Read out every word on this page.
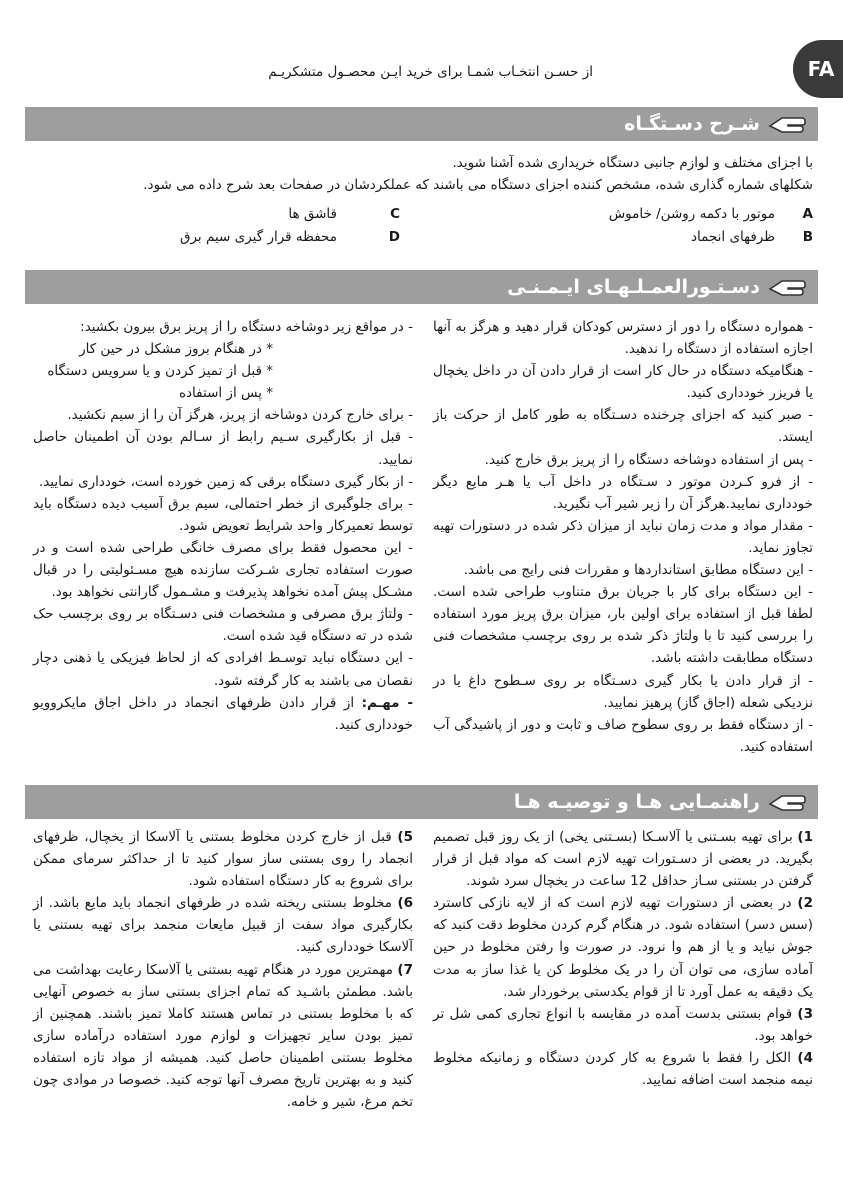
FA
از حسـن انتخـاب شمـا برای خرید ایـن محصـول متشکریـم
شـرح دسـتگـاه
با اجزای مختلف و لوازم جانبی دستگاه خریداری شده آشنا شوید.
شکلهای شماره گذاری شده، مشخص کننده اجزای دستگاه می باشند که عملکردشان در صفحات بعد شرح داده می شود.
A
موتور با دکمه روشن/ خاموش
C
قاشق ها
B
ظرفهای انجماد
D
محفظه قرار گیری سیم برق
دسـتـورالعمـلـهـای ایـمـنـی
- همواره دستگاه را دور از دسترس کودکان قرار دهید و هرگز به آنها اجازه استفاده از دستگاه را ندهید.
- هنگامیکه دستگاه در حال کار است از قرار دادن آن در داخل یخچال یا فریزر خودداری کنید.
- صبر کنید که اجزای چرخنده دسـتگاه به طور کامل از حرکت باز ایستد.
- پس از استفاده دوشاخه دستگاه را از پریز برق خارج کنید.
- از فرو کـردن موتور د سـتگاه در داخل آب یا هـر مایع دیگر خودداری نمایید.هرگز آن را زیر شیر آب نگیرید.
- مقدار مواد و مدت زمان نباید از میزان ذکر شده در دستورات تهیه تجاوز نماید.
- این دستگاه مطابق استانداردها و مقررات فنی رایج می باشد.
- این دستگاه برای کار با جریان برق متناوب طراحی شده است. لطفا قبل از استفاده برای اولین بار، میزان برق پریز مورد استفاده را بررسی کنید تا با ولتاژ ذکر شده بر روی برچسب مشخصات فنی دستگاه مطابقت داشته باشد.
- از قرار دادن یا بکار گیری دسـتگاه بر روی سـطوح داغ یا در نزدیکی شعله (اجاق گاز) پرهیز نمایید.
- از دستگاه فقط بر روی سطوح صاف و ثابت و دور از پاشیدگی آب استفاده کنید.
- در مواقع زیر دوشاخه دستگاه را از پریز برق بیرون بکشید:
* در هنگام بروز مشکل در حین کار
* قبل از تمیز کردن و یا سرویس دستگاه
* پس از استفاده
- برای خارج کردن دوشاخه از پریز، هرگز آن را از سیم نکشید.
- قبل از بکارگیری سـیم رابط از سـالم بودن آن اطمینان حاصل نمایید.
- از بکار گیری دستگاه برقی که زمین خورده است، خودداری نمایید.
- برای جلوگیری از خطر احتمالی، سیم برق آسیب دیده دستگاه باید توسط تعمیرکار واحد شرایط تعویض شود.
- این محصول فقط برای مصرف خانگی طراحی شده است و در صورت استفاده تجاری شـرکت سازنده هیچ مسـئولیتی را در قبال مشـکل پیش آمده نخواهد پذیرفت و مشـمول گارانتی نخواهد بود.
- ولتاژ برق مصرفی و مشخصات فنی دسـتگاه بر روی برچسب حک شده در ته دستگاه قید شده است.
- این دستگاه نباید توسـط افرادی که از لحاظ فیزیکی یا ذهنی دچار نقصان می باشند به کار گرفته شود.
- مهـم: از قرار دادن ظرفهای انجماد در داخل اجاق مایکروویو خودداری کنید.
راهنمـایی هـا و توصیـه هـا
1) برای تهیه بسـتنی یا آلاسـکا (بسـتنی یخی) از یک روز قبل تصمیم بگیرید. در بعضی از دسـتورات تهیه لازم است که مواد قبل از قرار گرفتن در بستنی سـاز حداقل 12 ساعت در یخچال سرد شوند.
2) در بعضی از دستورات تهیه لازم است که از لایه نازکی کاسترد (سس دسر) استفاده شود. در هنگام گرم کردن مخلوط دقت کنید که جوش نیاید و یا از هم وا نرود. در صورت وا رفتن مخلوط در حین آماده سازی، می توان آن را در یک مخلوط کن یا غذا ساز به مدت یک دقیقه به عمل آورد تا از قوام یکدستی برخوردار شد.
3) قوام بستنی بدست آمده در مقایسه با انواع تجاری کمی شل تر خواهد بود.
4) الکل را فقط با شروع به کار کردن دستگاه و زمانیکه مخلوط نیمه منجمد است اضافه نمایید.
5) قبل از خارج کردن مخلوط بستنی یا آلاسکا از یخچال، ظرفهای انجماد را روی بستنی ساز سوار کنید تا از حداکثر سرمای ممکن برای شروع به کار دستگاه استفاده شود.
6) مخلوط بستنی ریخته شده در ظرفهای انجماد باید مایع باشد. از بکارگیری مواد سفت از قبیل مایعات منجمد برای تهیه بستنی یا آلاسکا خودداری کنید.
7) مهمترین مورد در هنگام تهیه بستنی یا آلاسکا رعایت بهداشت می باشد. مطمئن باشـید که تمام اجزای بستنی ساز به خصوص آنهایی که با مخلوط بستنی در تماس هستند کاملا تمیز باشند. همچنین از تمیز بودن سایر تجهیزات و لوازم مورد استفاده درآماده سازی مخلوط بستنی اطمینان حاصل کنید. همیشه از مواد تازه استفاده کنید و به بهترین تاریخ مصرف آنها توجه کنید. خصوصا در موادی چون تخم مرغ، شیر و خامه.
